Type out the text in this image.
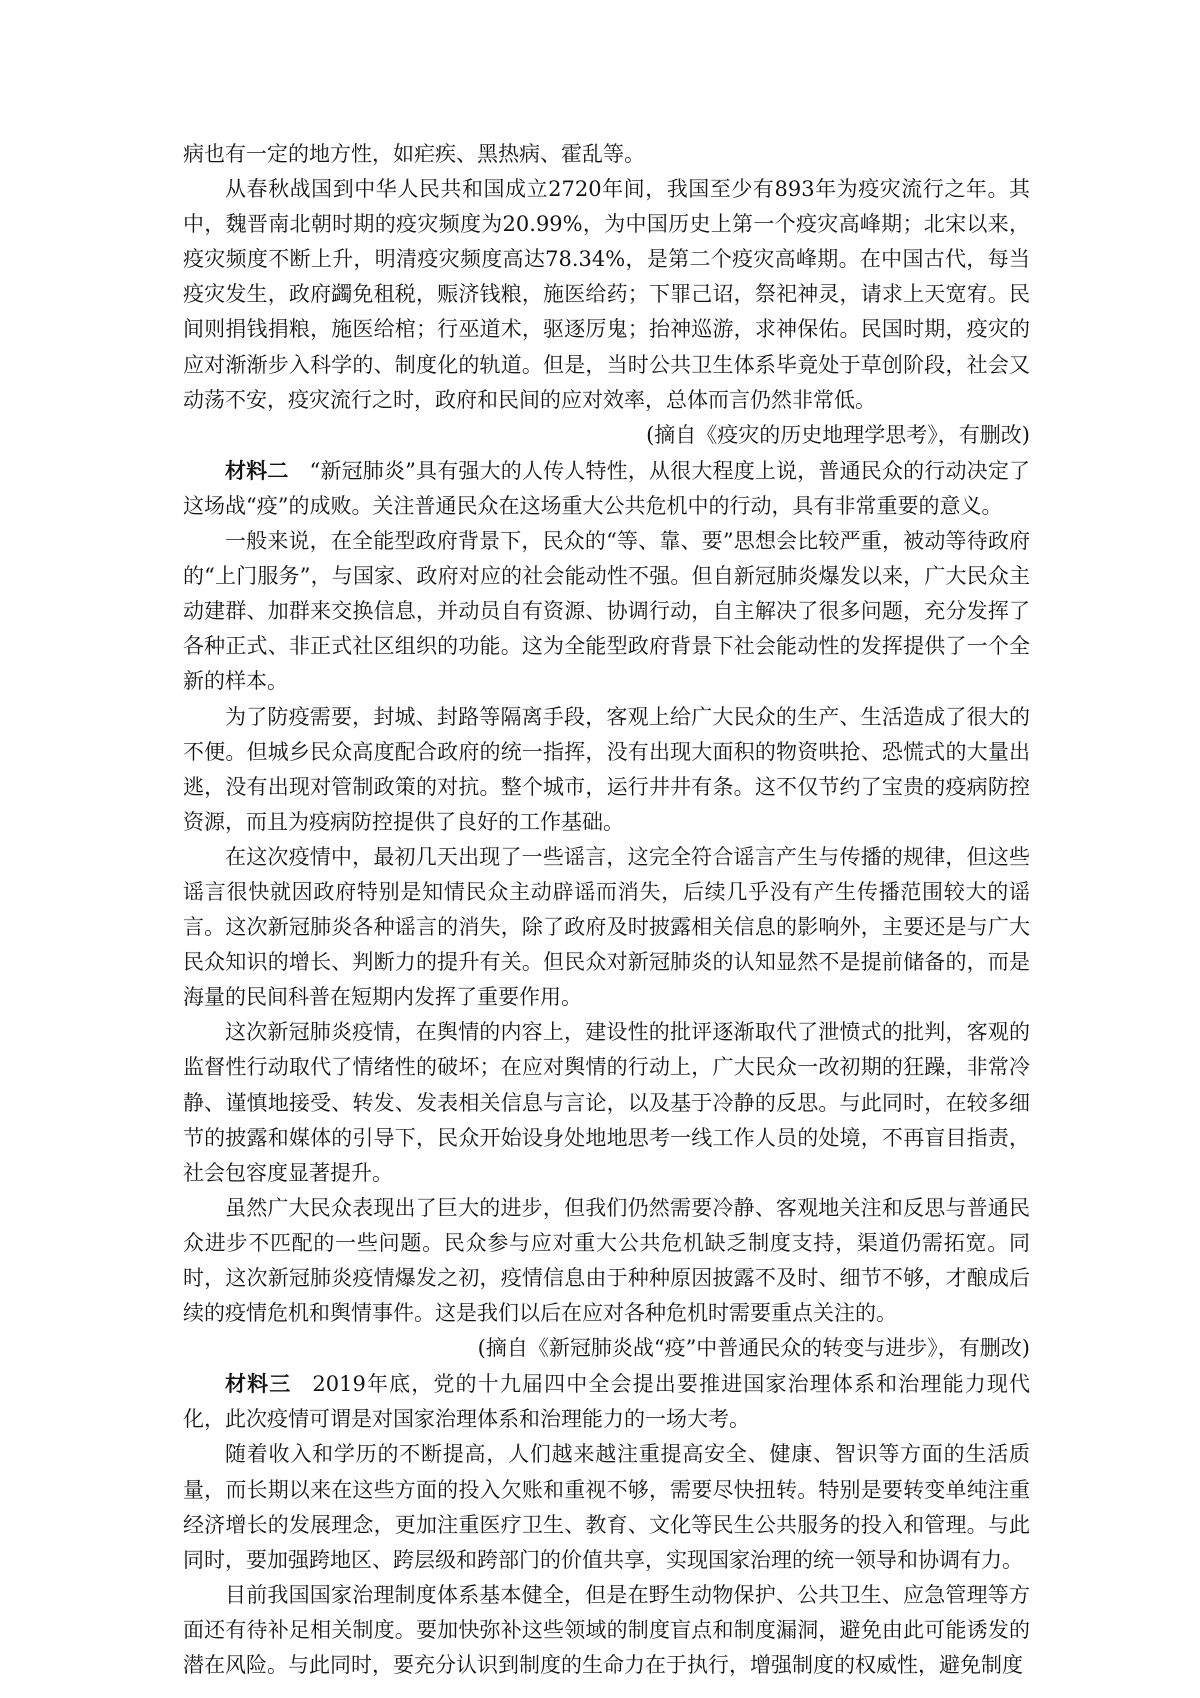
病也有一定的地方性，如疟疾、黑热病、霍乱等。

从春秋战国到中华人民共和国成立2720年间，我国至少有893年为疫灾流行之年。其中，魏晋南北朝时期的疫灾频度为20.99%，为中国历史上第一个疫灾高峰期；北宋以来，疫灾频度不断上升，明清疫灾频度高达78.34%，是第二个疫灾高峰期。在中国古代，每当疫灾发生，政府蠲免租税，赈济钱粮，施医给药；下罪己诏，祭祀神灵，请求上天宽宥。民间则捐钱捐粮，施医给棺；行巫道术，驱逐厉鬼；抬神巡游，求神保佑。民国时期，疫灾的应对渐渐步入科学的、制度化的轨道。但是，当时公共卫生体系毕竟处于草创阶段，社会又动荡不安，疫灾流行之时，政府和民间的应对效率，总体而言仍然非常低。

(摘自《疫灾的历史地理学思考》，有删改)

材料二 “新冠肺炎”具有强大的人传人特性，从很大程度上说，普通民众的行动决定了这场战“疫”的成败。关注普通民众在这场重大公共危机中的行动，具有非常重要的意义。

一般来说，在全能型政府背景下，民众的“等、靠、要”思想会比较严重，被动等待政府的“上门服务”，与国家、政府对应的社会能动性不强。但自新冠肺炎爆发以来，广大民众主动建群、加群来交换信息，并动员自有资源、协调行动，自主解决了很多问题，充分发挥了各种正式、非正式社区组织的功能。这为全能型政府背景下社会能动性的发挥提供了一个全新的样本。

为了防疫需要，封城、封路等隔离手段，客观上给广大民众的生产、生活造成了很大的不便。但城乡民众高度配合政府的统一指挥，没有出现大面积的物资哄抢、恐慌式的大量出逃，没有出现对管制政策的对抗。整个城市，运行井井有条。这不仅节约了宝贵的疫病防控资源，而且为疫病防控提供了良好的工作基础。

在这次疫情中，最初几天出现了一些谣言，这完全符合谣言产生与传播的规律，但这些谣言很快就因政府特别是知情民众主动辟谣而消失，后续几乎没有产生传播范围较大的谣言。这次新冠肺炎各种谣言的消失，除了政府及时披露相关信息的影响外，主要还是与广大民众知识的增长、判断力的提升有关。但民众对新冠肺炎的认知显然不是提前储备的，而是海量的民间科普在短期内发挥了重要作用。

这次新冠肺炎疫情，在舆情的内容上，建设性的批评逐渐取代了泄愤式的批判，客观的监督性行动取代了情绪性的破坏；在应对舆情的行动上，广大民众一改初期的狂躁，非常冷静、谨慎地接受、转发、发表相关信息与言论，以及基于冷静的反思。与此同时，在较多细节的披露和媒体的引导下，民众开始设身处地地思考一线工作人员的处境，不再盲目指责，社会包容度显著提升。

虽然广大民众表现出了巨大的进步，但我们仍然需要冷静、客观地关注和反思与普通民众进步不匹配的一些问题。民众参与应对重大公共危机缺乏制度支持，渠道仍需拓宽。同时，这次新冠肺炎疫情爆发之初，疫情信息由于种种原因披露不及时、细节不够，才酿成后续的疫情危机和舆情事件。这是我们以后在应对各种危机时需要重点关注的。

(摘自《新冠肺炎战“疫”中普通民众的转变与进步》，有删改)

材料三 2019年底，党的十九届四中全会提出要推进国家治理体系和治理能力现代化，此次疫情可谓是对国家治理体系和治理能力的一场大考。

随着收入和学历的不断提高，人们越来越注重提高安全、健康、智识等方面的生活质量，而长期以来在这些方面的投入欠账和重视不够，需要尽快扭转。特别是要转变单纯注重经济增长的发展理念，更加注重医疗卫生、教育、文化等民生公共服务的投入和管理。与此同时，要加强跨地区、跨层级和跨部门的价值共享，实现国家治理的统一领导和协调有力。

目前我国国家治理制度体系基本健全，但是在野生动物保护、公共卫生、应急管理等方面还有待补足相关制度。要加快弥补这些领域的制度盲点和制度漏洞，避免由此可能诱发的潜在风险。与此同时，要充分认识到制度的生命力在于执行，增强制度的权威性，避免制度
